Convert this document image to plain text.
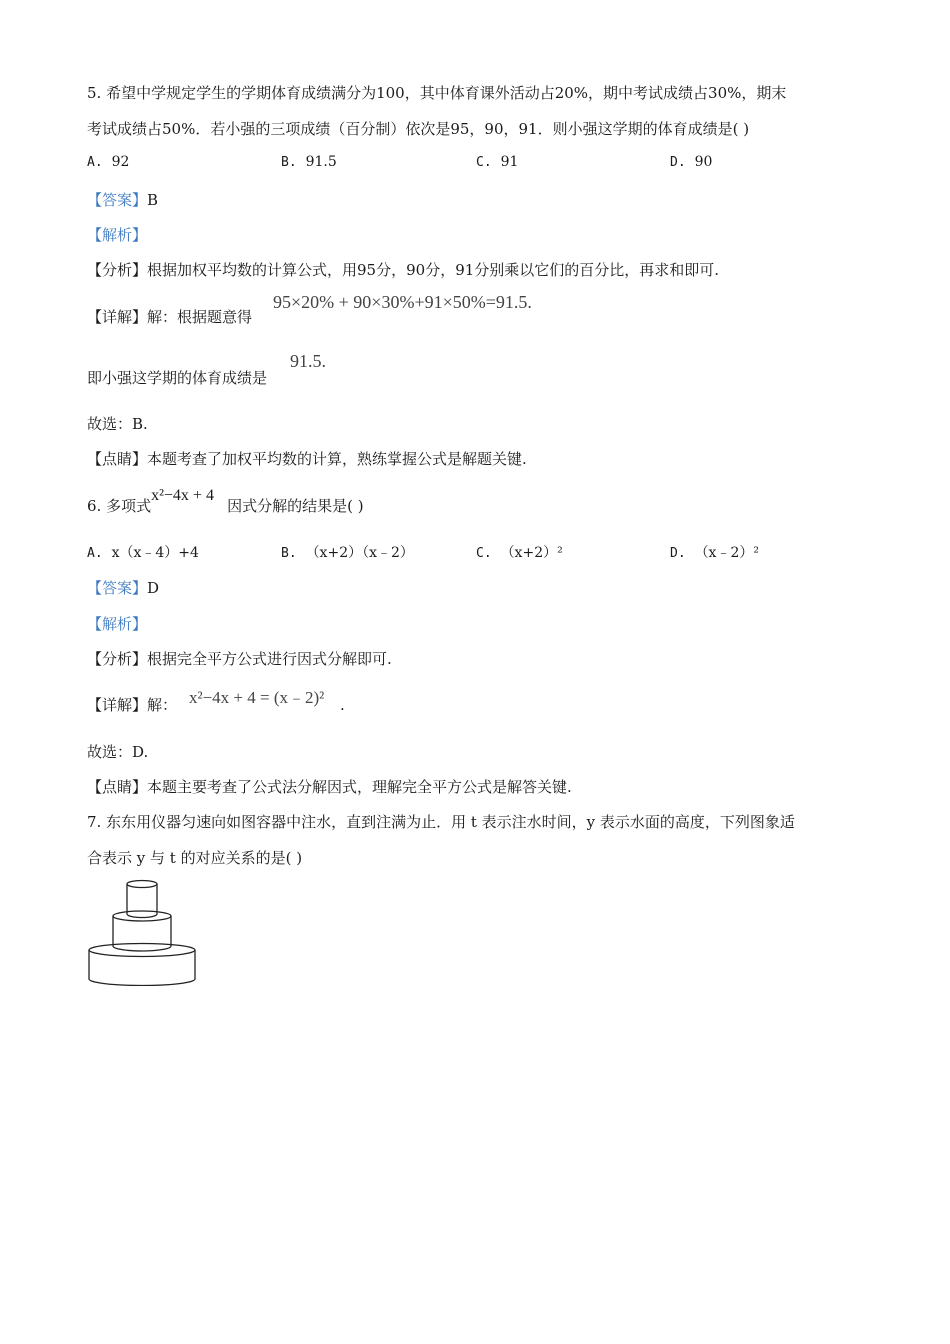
5. 希望中学规定学生的学期体育成绩满分为100，其中体育课外活动占20%，期中考试成绩占30%，期末
考试成绩占50%．若小强的三项成绩（百分制）依次是95，90，91．则小强这学期的体育成绩是( )
A. 92	B. 91.5	C. 91	D. 90
【答案】B
【解析】
【分析】根据加权平均数的计算公式，用95分，90分，91分别乘以它们的百分比，再求和即可.
【详解】解：根据题意得
95×20% + 90×30%+91×50%=91.5.
即小强这学期的体育成绩是
91.5.
故选：B.
【点睛】本题考查了加权平均数的计算，熟练掌握公式是解题关键.
6. 多项式x²−4x + 4因式分解的结果是( )
A. x（x﹣4）+4	B. （x+2）（x﹣2）	C. （x+2）²	D. （x﹣2）²
【答案】D
【解析】
【分析】根据完全平方公式进行因式分解即可.
【详解】解： x²−4x + 4 = (x﹣2)² .
故选：D.
【点睛】本题主要考查了公式法分解因式，理解完全平方公式是解答关键.
7. 东东用仪器匀速向如图容器中注水，直到注满为止．用 t 表示注水时间，y 表示水面的高度，下列图象适
合表示 y 与 t 的对应关系的是( )
